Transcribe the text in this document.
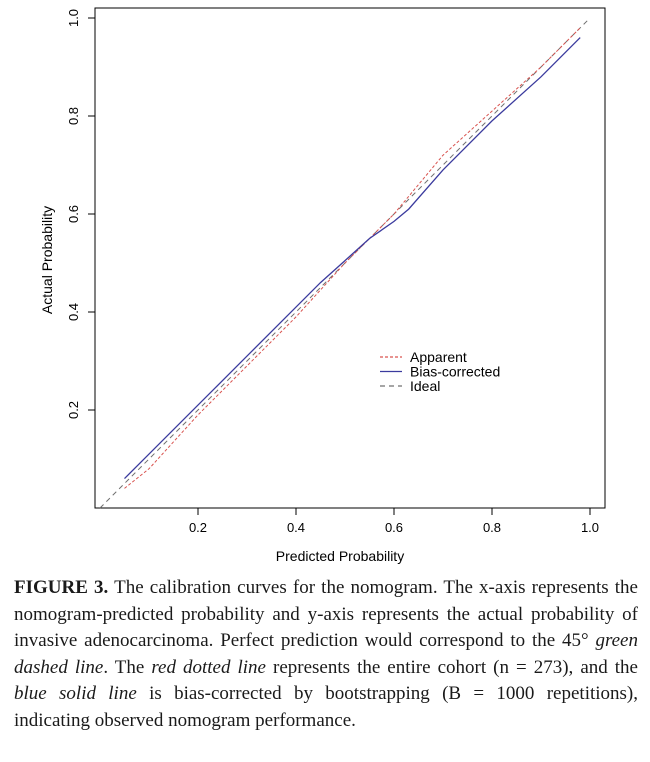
0.2	0.4	0.6	0.8	1.0
0.2
0.4
0.6
0.8
1.0
Predicted Probability
Actual Probability
Apparent
Bias-corrected
Ideal
FIGURE 3. The calibration curves for the nomogram. The x-axis represents the nomogram-predicted probability and y-axis represents the actual probability of invasive adenocarcinoma. Perfect prediction would correspond to the 45° green dashed line. The red dotted line represents the entire cohort (n = 273), and the blue solid line is bias-corrected by bootstrapping (B = 1000 repetitions), indicating observed nomogram performance.
